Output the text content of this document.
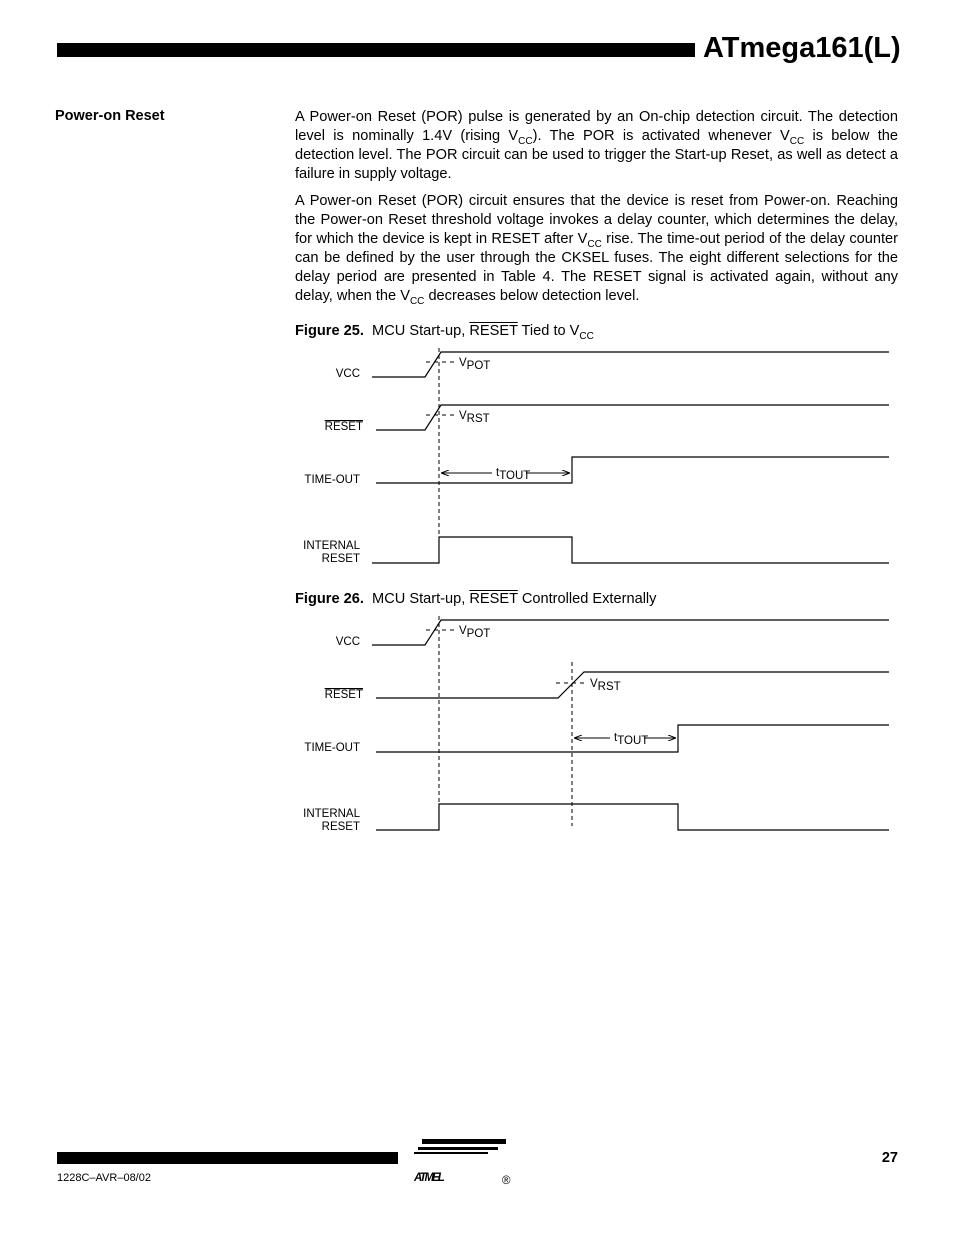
ATmega161(L)
Power-on Reset	A Power-on Reset (POR) pulse is generated by an On-chip detection circuit. The detection level is nominally 1.4V (rising $V_{CC}$). The POR is activated whenever $V_{CC}$ is below the detection level. The POR circuit can be used to trigger the Start-up Reset, as well as detect a failure in supply voltage.
A Power-on Reset (POR) circuit ensures that the device is reset from Power-on. Reaching the Power-on Reset threshold voltage invokes a delay counter, which determines the delay, for which the device is kept in RESET after $V_{CC}$ rise. The time-out period of the delay counter can be defined by the user through the CKSEL fuses. The eight different selections for the delay period are presented in Table 4. The RESET signal is activated again, without any delay, when the $V_{CC}$ decreases below detection level.
Figure 25. MCU Start-up, RESET Tied to $V_{CC}$
Figure 26. MCU Start-up, RESET Controlled Externally
VCC
RESET
TIME-OUT
INTERNAL
RESET
VPOT
VRST
tTOUT
VCC
RESET
TIME-OUT
INTERNAL
RESET
VPOT
VRST
tTOUT
1228C–AVR–08/02
27
ATMEL	®
